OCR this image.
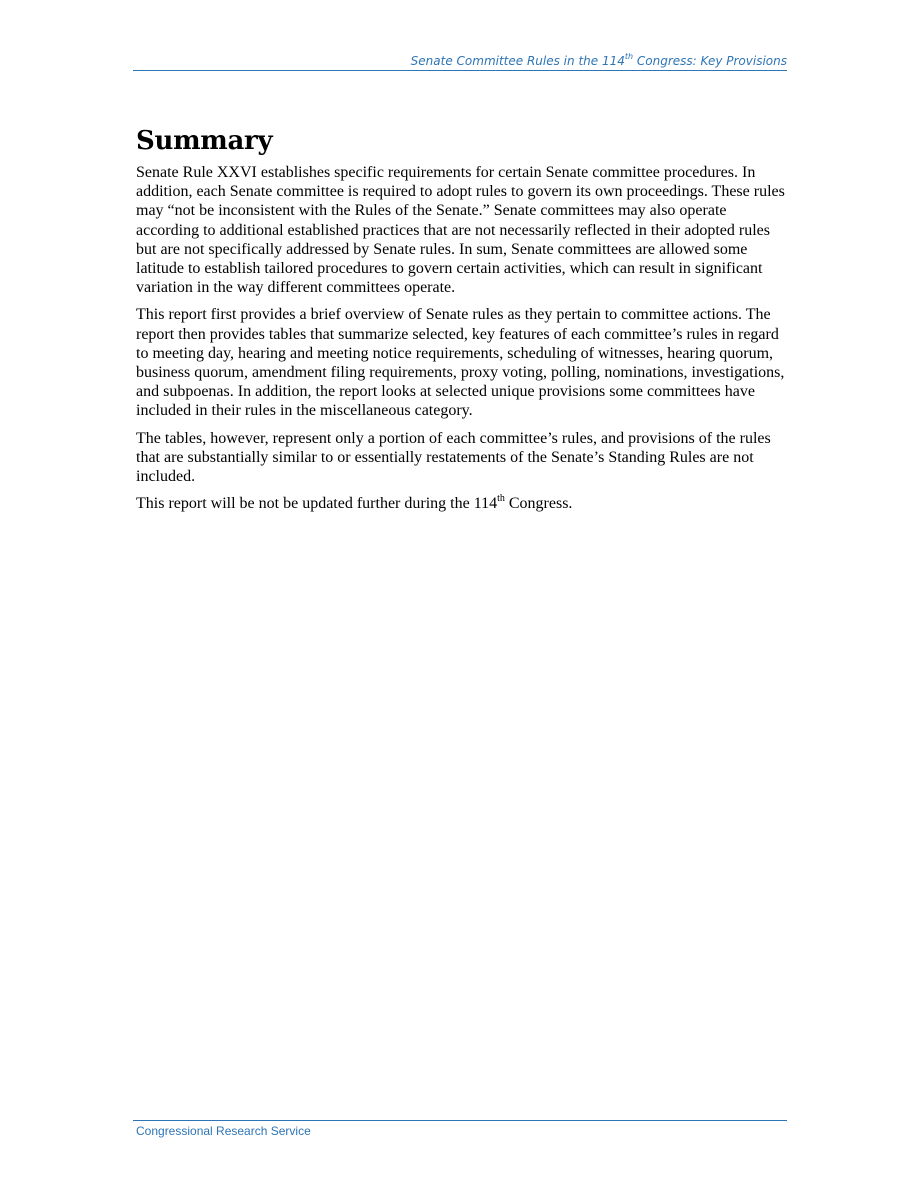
Senate Committee Rules in the 114th Congress: Key Provisions
Summary

Senate Rule XXVI establishes specific requirements for certain Senate committee procedures. In addition, each Senate committee is required to adopt rules to govern its own proceedings. These rules may “not be inconsistent with the Rules of the Senate.” Senate committees may also operate according to additional established practices that are not necessarily reflected in their adopted rules but are not specifically addressed by Senate rules. In sum, Senate committees are allowed some latitude to establish tailored procedures to govern certain activities, which can result in significant variation in the way different committees operate.

This report first provides a brief overview of Senate rules as they pertain to committee actions. The report then provides tables that summarize selected, key features of each committee’s rules in regard to meeting day, hearing and meeting notice requirements, scheduling of witnesses, hearing quorum, business quorum, amendment filing requirements, proxy voting, polling, nominations, investigations, and subpoenas. In addition, the report looks at selected unique provisions some committees have included in their rules in the miscellaneous category.

The tables, however, represent only a portion of each committee’s rules, and provisions of the rules that are substantially similar to or essentially restatements of the Senate’s Standing Rules are not included.

This report will be not be updated further during the 114th Congress.

Congressional Research Service
